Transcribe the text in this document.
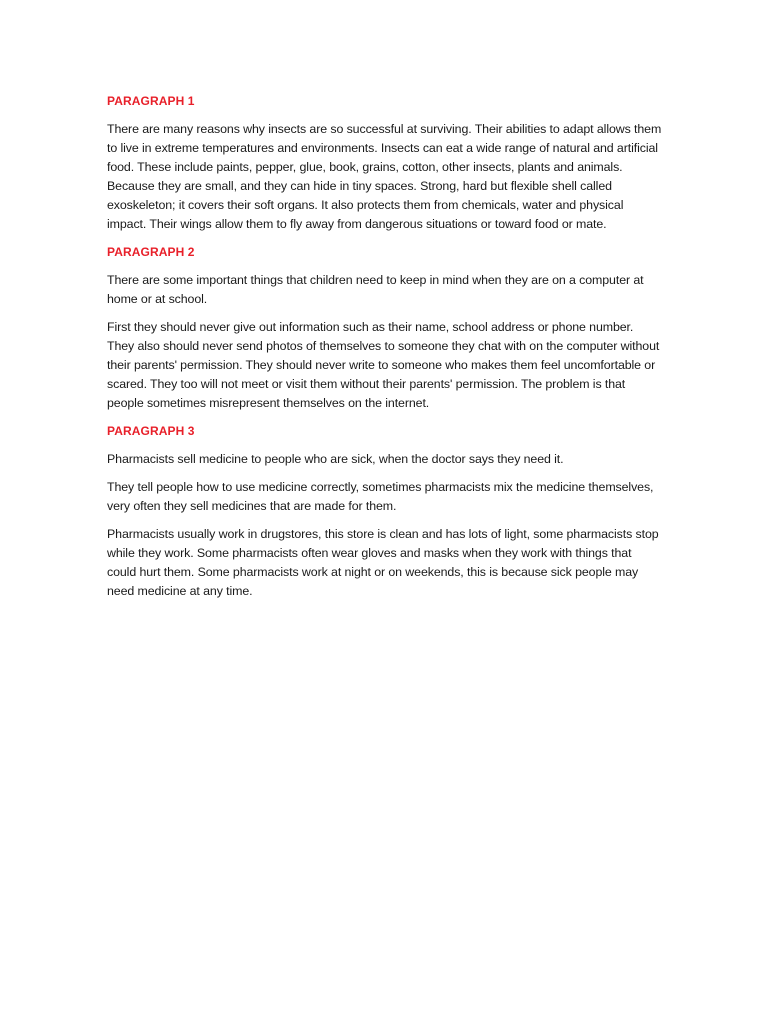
PARAGRAPH 1

There are many reasons why insects are so successful at surviving. Their abilities to adapt allows them to live in extreme temperatures and environments. Insects can eat a wide range of natural and artificial food. These include paints, pepper, glue, book, grains, cotton, other insects, plants and animals. Because they are small, and they can hide in tiny spaces. Strong, hard but flexible shell called exoskeleton; it covers their soft organs. It also protects them from chemicals, water and physical impact. Their wings allow them to fly away from dangerous situations or toward food or mate.

PARAGRAPH 2

There are some important things that children need to keep in mind when they are on a computer at home or at school.

First they should never give out information such as their name, school address or phone number. They also should never send photos of themselves to someone they chat with on the computer without their parents' permission. They should never write to someone who makes them feel uncomfortable or scared. They too will not meet or visit them without their parents' permission. The problem is that people sometimes misrepresent themselves on the internet.

PARAGRAPH 3

Pharmacists sell medicine to people who are sick, when the doctor says they need it.

They tell people how to use medicine correctly, sometimes pharmacists mix the medicine themselves, very often they sell medicines that are made for them.

Pharmacists usually work in drugstores, this store is clean and has lots of light, some pharmacists stop while they work. Some pharmacists often wear gloves and masks when they work with things that could hurt them. Some pharmacists work at night or on weekends, this is because sick people may need medicine at any time.
